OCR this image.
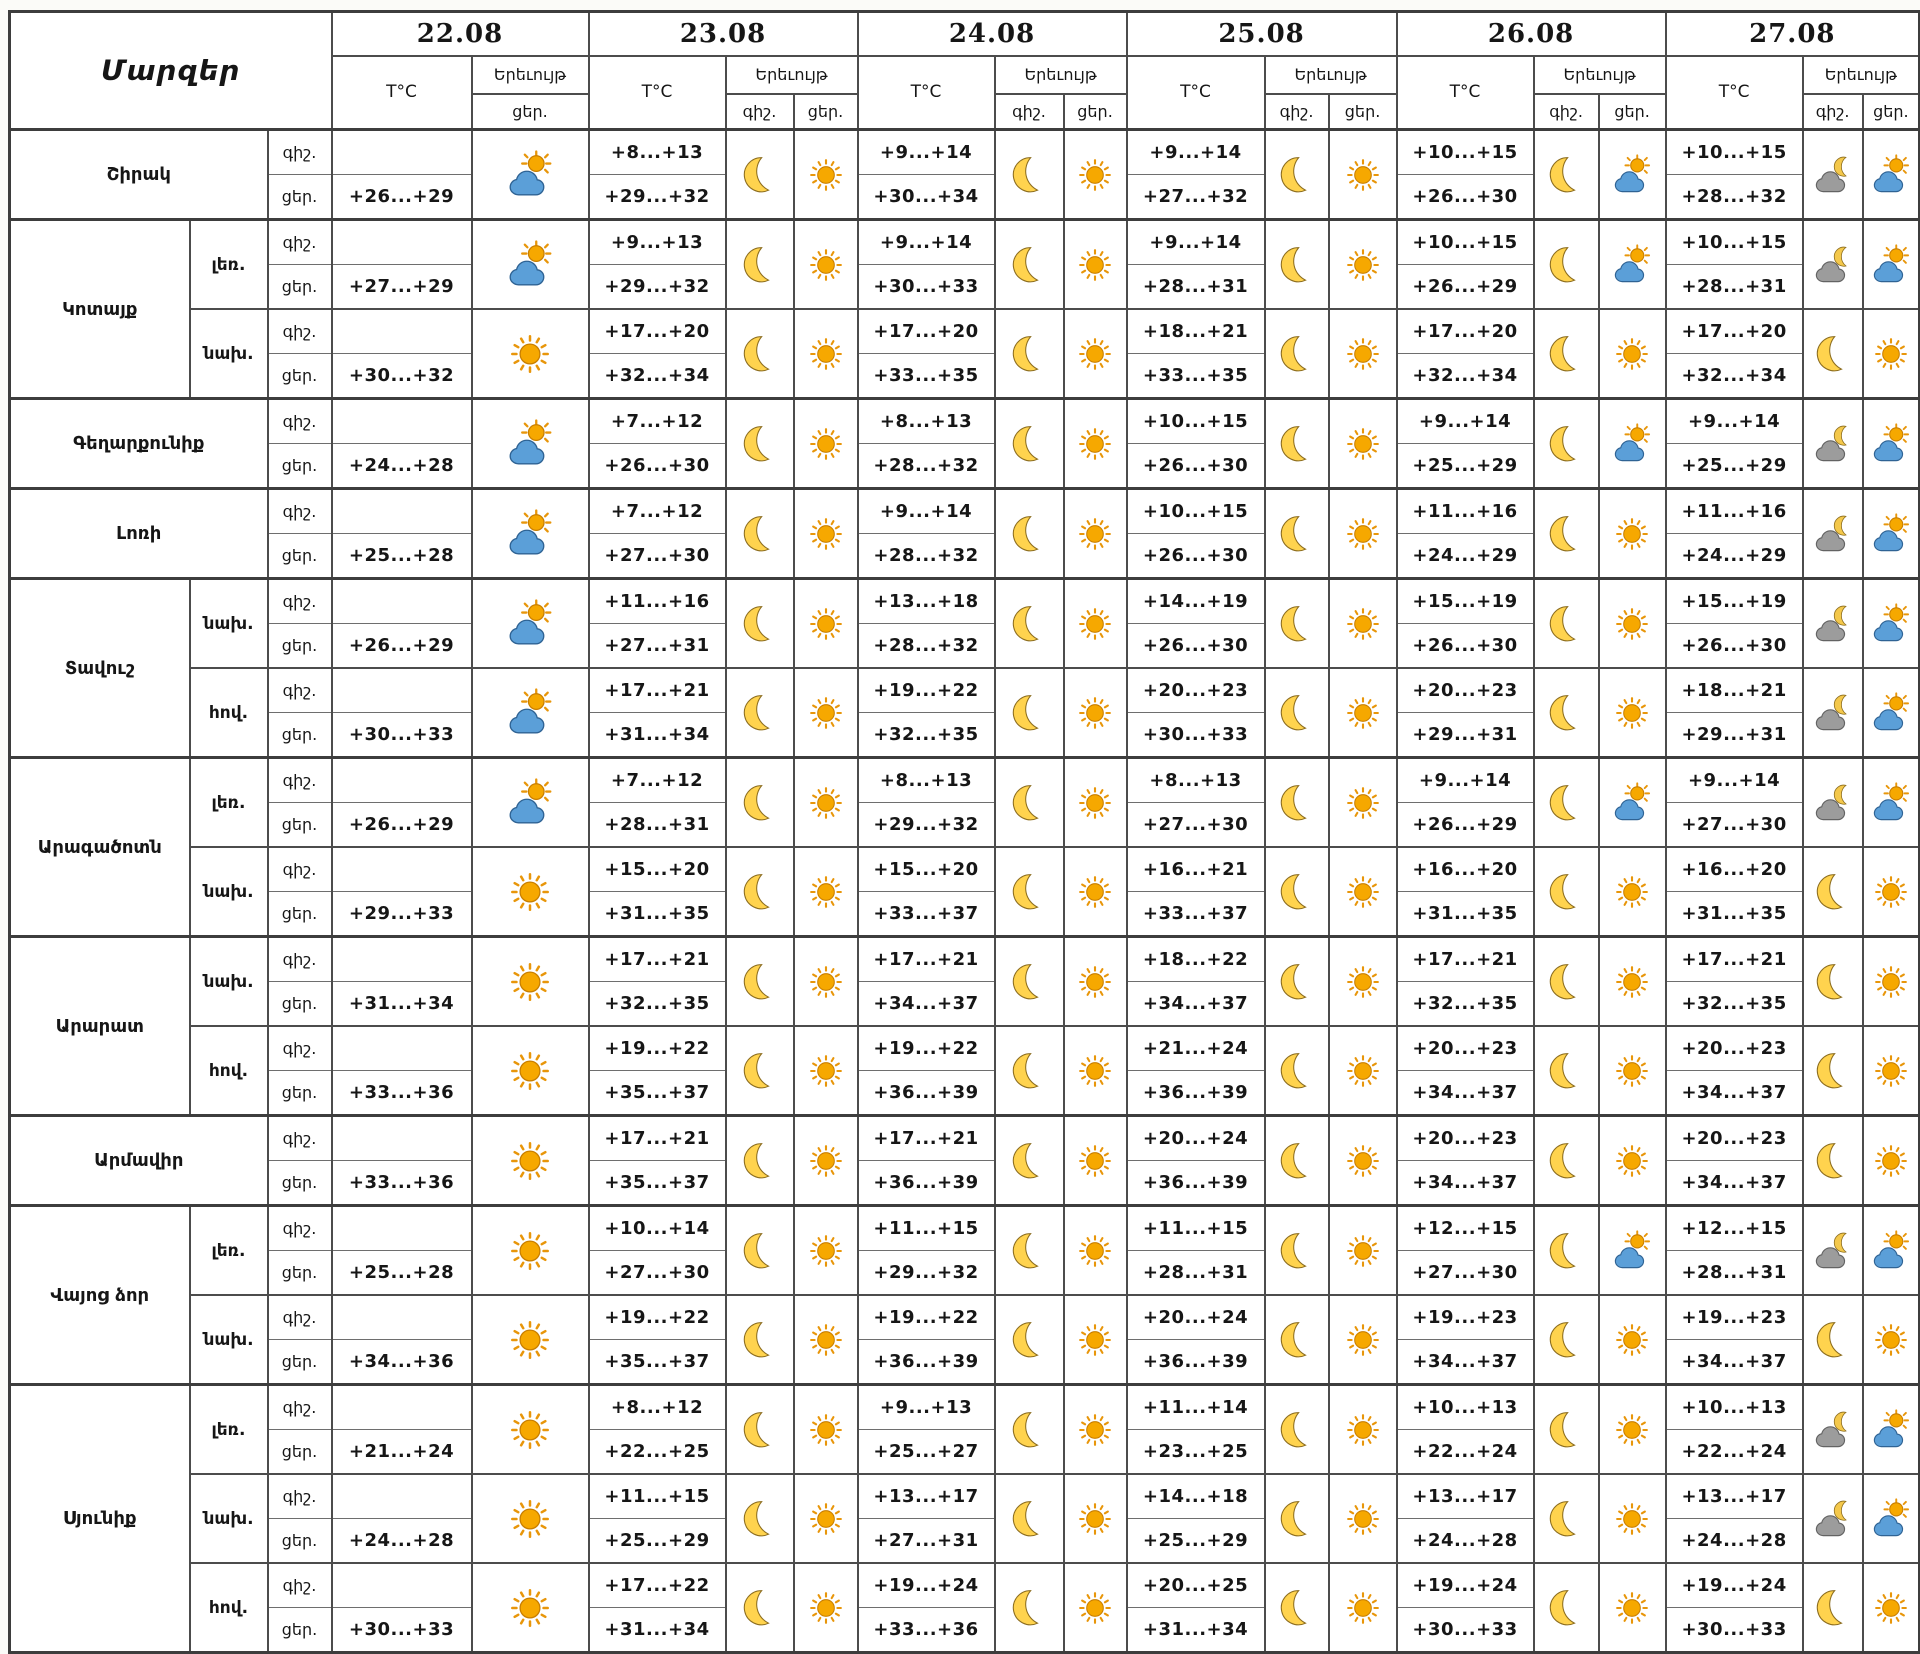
Մարզեր			22.08		23.08			24.08			25.08			26.08			27.08		
			T°C	Երեւույթ	T°C	Երեւույթ		T°C	Երեւույթ		T°C	Երեւույթ		T°C	Երեւույթ		T°C	Երեւույթ	
				ցեր.		գիշ.	ցեր.		գիշ.	ցեր.		գիշ.	ցեր.		գիշ.	ցեր.		գիշ.	ցեր.
Շիրակ		գիշ.			+8...+13			+9...+14			+9...+14			+10...+15			+10...+15	

		ցեր.	+26...+29		+29...+32			+30...+34			+27...+32			+26...+30			+28...+32		
Կոտայք	լեռ.	գիշ.			+9...+13			+9...+14			+9...+14			+10...+15			+10...+15	

		ցեր.	+27...+29		+29...+32			+30...+33			+28...+31			+26...+29			+28...+31		
	նախ.	գիշ.			+17...+20			+17...+20			+18...+21			+17...+20			+17...+20	

		ցեր.	+30...+32		+32...+34			+33...+35			+33...+35			+32...+34			+32...+34		
Գեղարքունիք		գիշ.			+7...+12			+8...+13			+10...+15			+9...+14			+9...+14	

		ցեր.	+24...+28		+26...+30			+28...+32			+26...+30			+25...+29			+25...+29		
Լոռի		գիշ.			+7...+12			+9...+14			+10...+15			+11...+16			+11...+16	

		ցեր.	+25...+28		+27...+30			+28...+32			+26...+30			+24...+29			+24...+29		
Տավուշ	նախ.	գիշ.			+11...+16			+13...+18			+14...+19			+15...+19			+15...+19	

		ցեր.	+26...+29		+27...+31			+28...+32			+26...+30			+26...+30			+26...+30		
	հով.	գիշ.			+17...+21			+19...+22			+20...+23			+20...+23			+18...+21	

		ցեր.	+30...+33		+31...+34			+32...+35			+30...+33			+29...+31			+29...+31		
Արագածոտն	լեռ.	գիշ.			+7...+12			+8...+13			+8...+13			+9...+14			+9...+14	

		ցեր.	+26...+29		+28...+31			+29...+32			+27...+30			+26...+29			+27...+30		
	նախ.	գիշ.			+15...+20			+15...+20			+16...+21			+16...+20			+16...+20	

		ցեր.	+29...+33		+31...+35			+33...+37			+33...+37			+31...+35			+31...+35		
Արարատ	նախ.	գիշ.			+17...+21			+17...+21			+18...+22			+17...+21			+17...+21	

		ցեր.	+31...+34		+32...+35			+34...+37			+34...+37			+32...+35			+32...+35		
	հով.	գիշ.			+19...+22			+19...+22			+21...+24			+20...+23			+20...+23	

		ցեր.	+33...+36		+35...+37			+36...+39			+36...+39			+34...+37			+34...+37		
Արմավիր		գիշ.			+17...+21			+17...+21			+20...+24			+20...+23			+20...+23	

		ցեր.	+33...+36		+35...+37			+36...+39			+36...+39			+34...+37			+34...+37		
Վայոց ձոր	լեռ.	գիշ.			+10...+14			+11...+15			+11...+15			+12...+15			+12...+15	

		ցեր.	+25...+28		+27...+30			+29...+32			+28...+31			+27...+30			+28...+31		
	նախ.	գիշ.			+19...+22			+19...+22			+20...+24			+19...+23			+19...+23	

		ցեր.	+34...+36		+35...+37			+36...+39			+36...+39			+34...+37			+34...+37		
Սյունիք	լեռ.	գիշ.			+8...+12			+9...+13			+11...+14			+10...+13			+10...+13	

		ցեր.	+21...+24		+22...+25			+25...+27			+23...+25			+22...+24			+22...+24		
	նախ.	գիշ.			+11...+15			+13...+17			+14...+18			+13...+17			+13...+17	

		ցեր.	+24...+28		+25...+29			+27...+31			+25...+29			+24...+28			+24...+28		
	հով.	գիշ.			+17...+22			+19...+24			+20...+25			+19...+24			+19...+24	

		ցեր.	+30...+33		+31...+34			+33...+36			+31...+34			+30...+33			+30...+33		
